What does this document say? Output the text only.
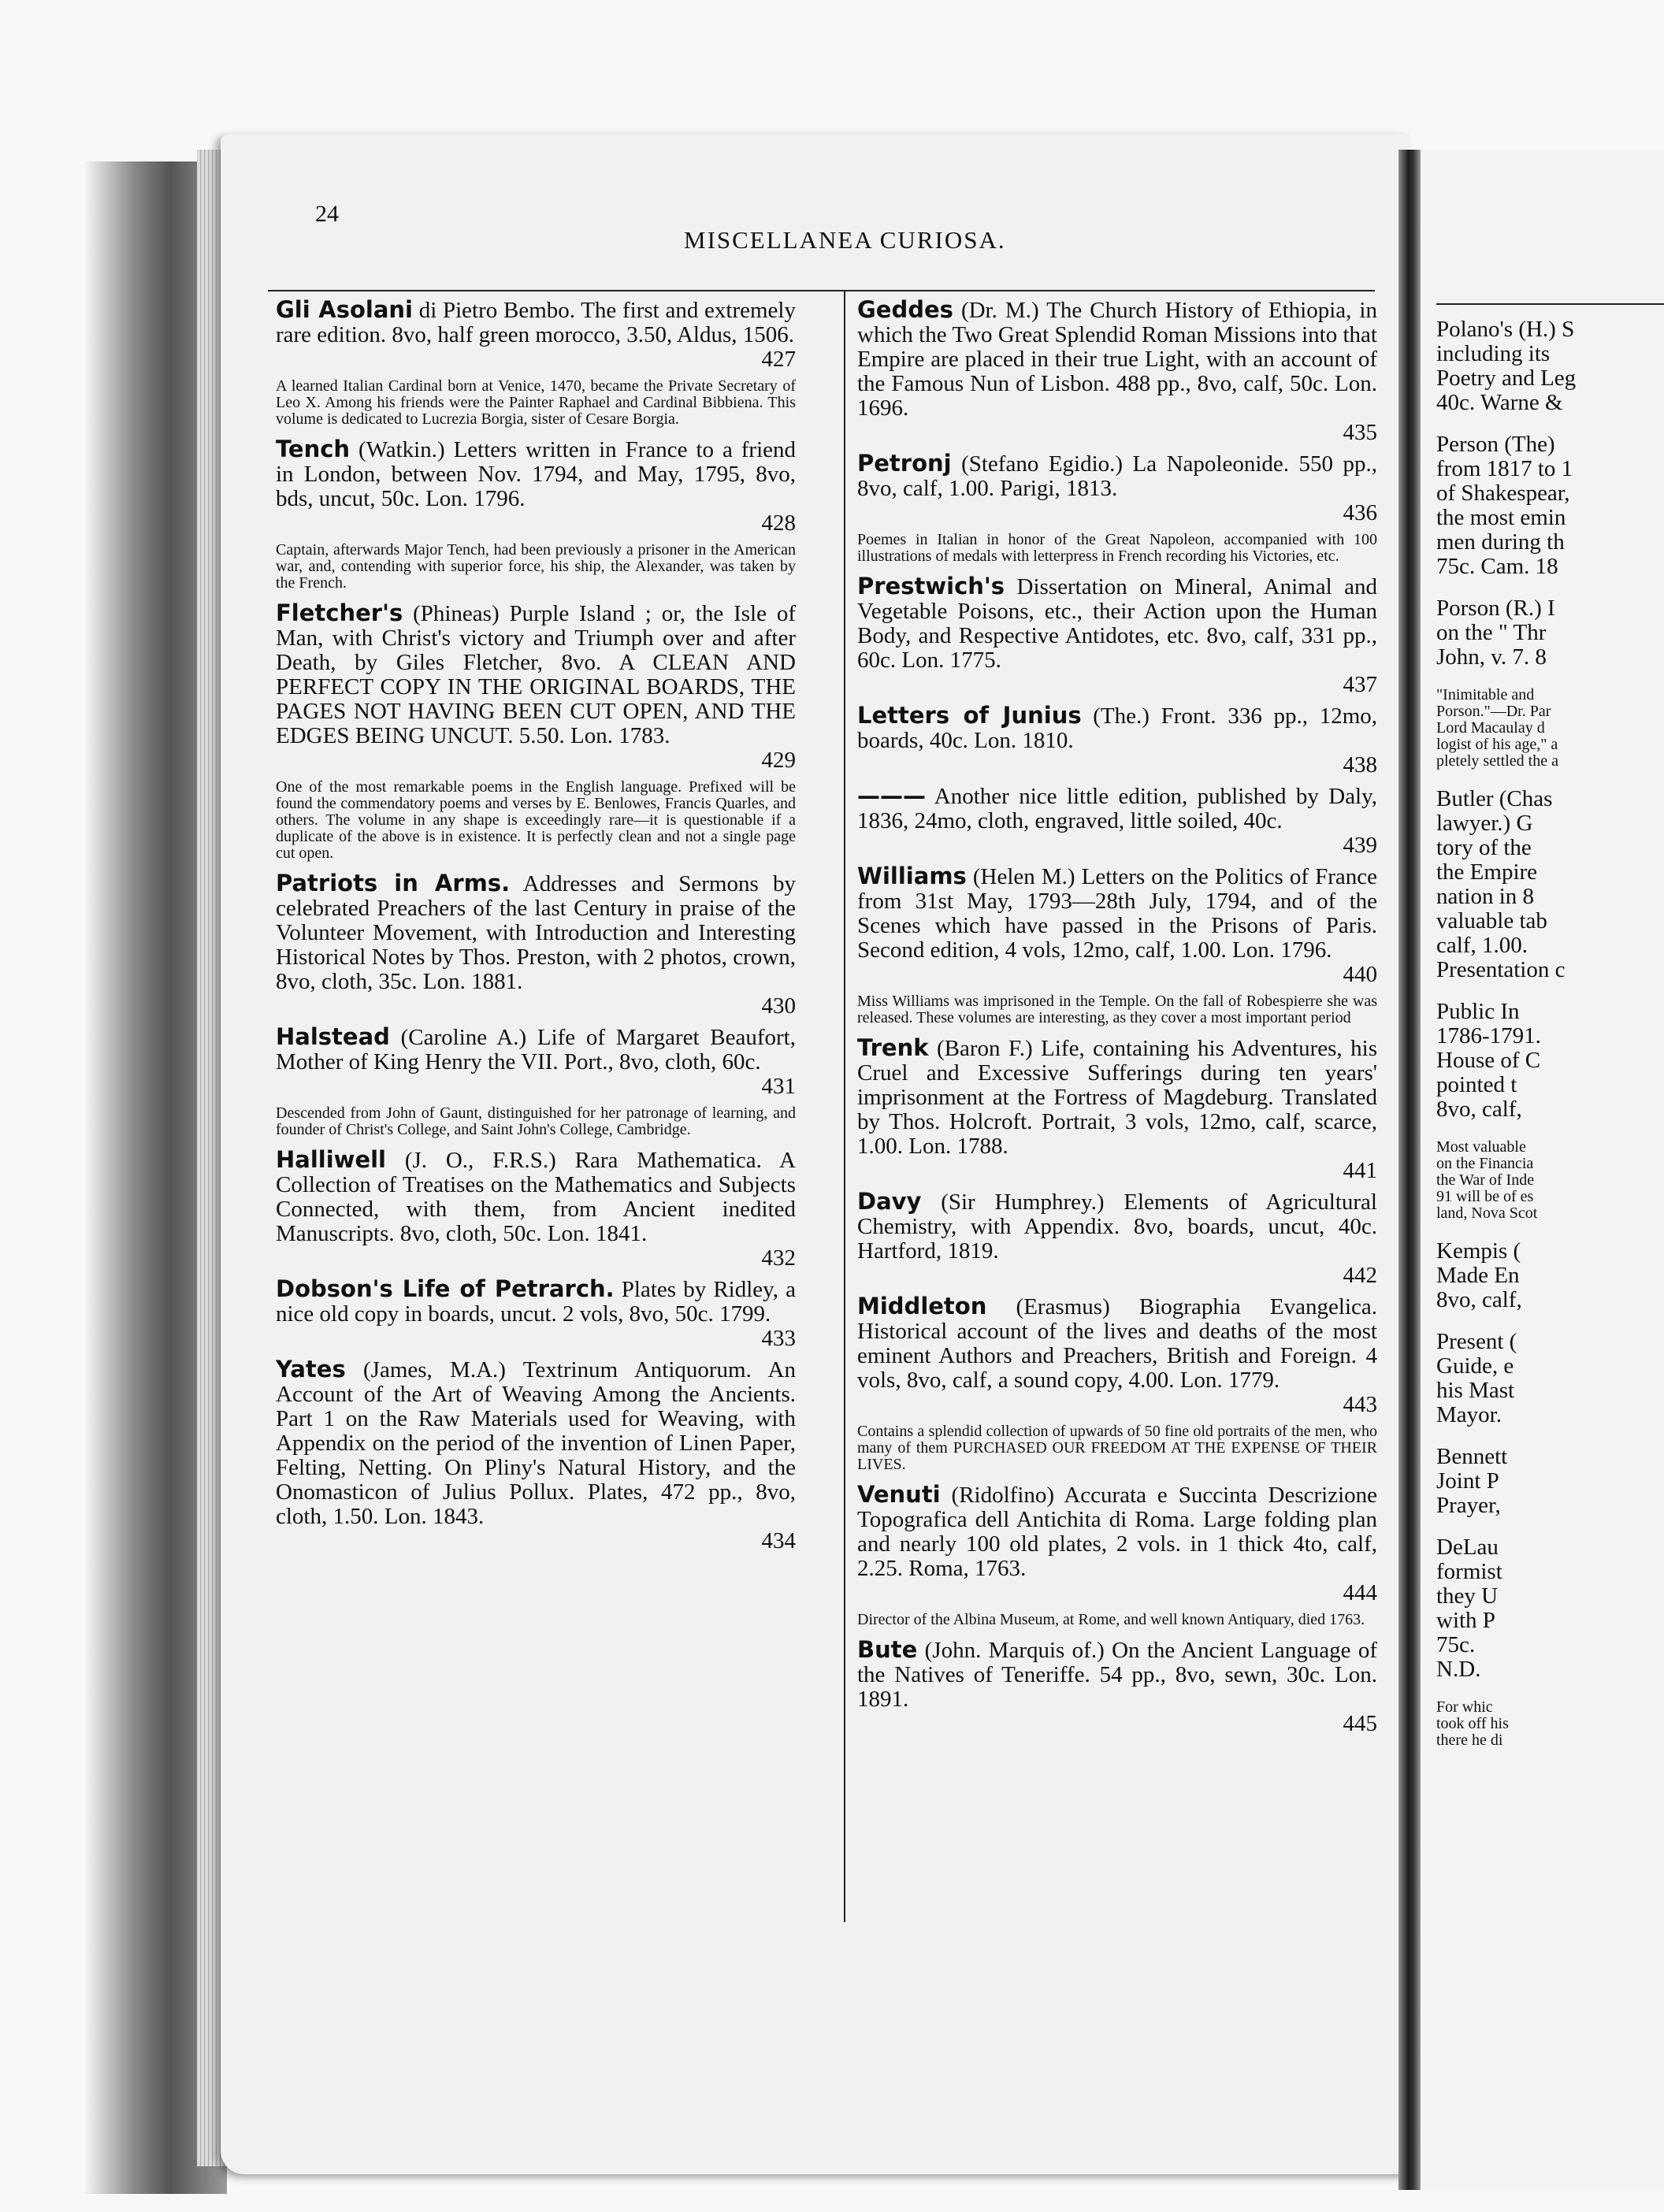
Polano's (H.) S
including its
Poetry and Leg
40c. Warne &
Person (The)
from 1817 to 1
of Shakespear,
the most emin
men during th
75c. Cam. 18
Porson (R.) I
on the " Thr
John, v. 7. 8
"Inimitable and
Porson."—Dr. Par
Lord Macaulay d
logist of his age," a
pletely settled the a
Butler (Chas
lawyer.) G
tory of the
the Empire
nation in 8
valuable tab
calf, 1.00.
Presentation c
Public In
1786-1791.
House of C
pointed t
8vo, calf,
Most valuable
on the Financia
the War of Inde
91 will be of es
land, Nova Scot
Kempis (
Made En
8vo, calf,
Present (
Guide, e
his Mast
Mayor.
Bennett
Joint P
Prayer,
DeLau
formist
they U
with P
75c.
N.D.
For whic
took off his
there he di
24
MISCELLANEA CURIOSA.

Gli Asolani di Pietro Bembo. The first and extremely rare edition. 8vo, half green morocco, 3.50, Aldus, 1506.
427

A learned Italian Cardinal born at Venice, 1470, became the Private Secretary of Leo X. Among his friends were the Painter Raphael and Cardinal Bibbiena. This volume is dedicated to Lucrezia Borgia, sister of Cesare Borgia.

Tench (Watkin.) Letters written in France to a friend in London, between Nov. 1794, and May, 1795, 8vo, bds, uncut, 50c. Lon. 1796.
428

Captain, afterwards Major Tench, had been previously a prisoner in the American war, and, contending with superior force, his ship, the Alexander, was taken by the French.

Fletcher's (Phineas) Purple Island ; or, the Isle of Man, with Christ's victory and Triumph over and after Death, by Giles Fletcher, 8vo. A CLEAN AND PERFECT COPY IN THE ORIGINAL BOARDS, THE PAGES NOT HAVING BEEN CUT OPEN, AND THE EDGES BEING UNCUT. 5.50. Lon. 1783.
429

One of the most remarkable poems in the English language. Prefixed will be found the commendatory poems and verses by E. Benlowes, Francis Quarles, and others. The volume in any shape is exceedingly rare—it is questionable if a duplicate of the above is in existence. It is perfectly clean and not a single page cut open.

Patriots in Arms. Addresses and Sermons by celebrated Preachers of the last Century in praise of the Volunteer Movement, with Introduction and Interesting Historical Notes by Thos. Preston, with 2 photos, crown, 8vo, cloth, 35c. Lon. 1881.
430

Halstead (Caroline A.) Life of Margaret Beaufort, Mother of King Henry the VII. Port., 8vo, cloth, 60c.
431

Descended from John of Gaunt, distinguished for her patronage of learning, and founder of Christ's College, and Saint John's College, Cambridge.

Halliwell (J. O., F.R.S.) Rara Mathematica. A Collection of Treatises on the Mathematics and Subjects Connected, with them, from Ancient inedited Manuscripts. 8vo, cloth, 50c. Lon. 1841.
432

Dobson's Life of Petrarch. Plates by Ridley, a nice old copy in boards, uncut. 2 vols, 8vo, 50c. 1799.
433

Yates (James, M.A.) Textrinum Antiquorum. An Account of the Art of Weaving Among the Ancients. Part 1 on the Raw Materials used for Weaving, with Appendix on the period of the invention of Linen Paper, Felting, Netting. On Pliny's Natural History, and the Onomasticon of Julius Pollux. Plates, 472 pp., 8vo, cloth, 1.50. Lon. 1843.
434

Geddes (Dr. M.) The Church History of Ethiopia, in which the Two Great Splendid Roman Missions into that Empire are placed in their true Light, with an account of the Famous Nun of Lisbon. 488 pp., 8vo, calf, 50c. Lon. 1696.
435

Petronj (Stefano Egidio.) La Napoleonide. 550 pp., 8vo, calf, 1.00. Parigi, 1813.
436

Poemes in Italian in honor of the Great Napoleon, accompanied with 100 illustrations of medals with letterpress in French recording his Victories, etc.

Prestwich's Dissertation on Mineral, Animal and Vegetable Poisons, etc., their Action upon the Human Body, and Respective Antidotes, etc. 8vo, calf, 331 pp., 60c. Lon. 1775.
437

Letters of Junius (The.) Front. 336 pp., 12mo, boards, 40c. Lon. 1810.
438

——— Another nice little edition, published by Daly, 1836, 24mo, cloth, engraved, little soiled, 40c.
439

Williams (Helen M.) Letters on the Politics of France from 31st May, 1793—28th July, 1794, and of the Scenes which have passed in the Prisons of Paris. Second edition, 4 vols, 12mo, calf, 1.00. Lon. 1796.
440

Miss Williams was imprisoned in the Temple. On the fall of Robespierre she was released. These volumes are interesting, as they cover a most important period

Trenk (Baron F.) Life, containing his Adventures, his Cruel and Excessive Sufferings during ten years' imprisonment at the Fortress of Magdeburg. Translated by Thos. Holcroft. Portrait, 3 vols, 12mo, calf, scarce, 1.00. Lon. 1788.
441

Davy (Sir Humphrey.) Elements of Agricultural Chemistry, with Appendix. 8vo, boards, uncut, 40c. Hartford, 1819.
442

Middleton (Erasmus) Biographia Evangelica. Historical account of the lives and deaths of the most eminent Authors and Preachers, British and Foreign. 4 vols, 8vo, calf, a sound copy, 4.00. Lon. 1779.
443

Contains a splendid collection of upwards of 50 fine old portraits of the men, who many of them PURCHASED OUR FREEDOM AT THE EXPENSE OF THEIR LIVES.

Venuti (Ridolfino) Accurata e Succinta Descrizione Topografica dell Antichita di Roma. Large folding plan and nearly 100 old plates, 2 vols. in 1 thick 4to, calf, 2.25. Roma, 1763.
444

Director of the Albina Museum, at Rome, and well known Antiquary, died 1763.

Bute (John. Marquis of.) On the Ancient Language of the Natives of Teneriffe. 54 pp., 8vo, sewn, 30c. Lon. 1891.
445
